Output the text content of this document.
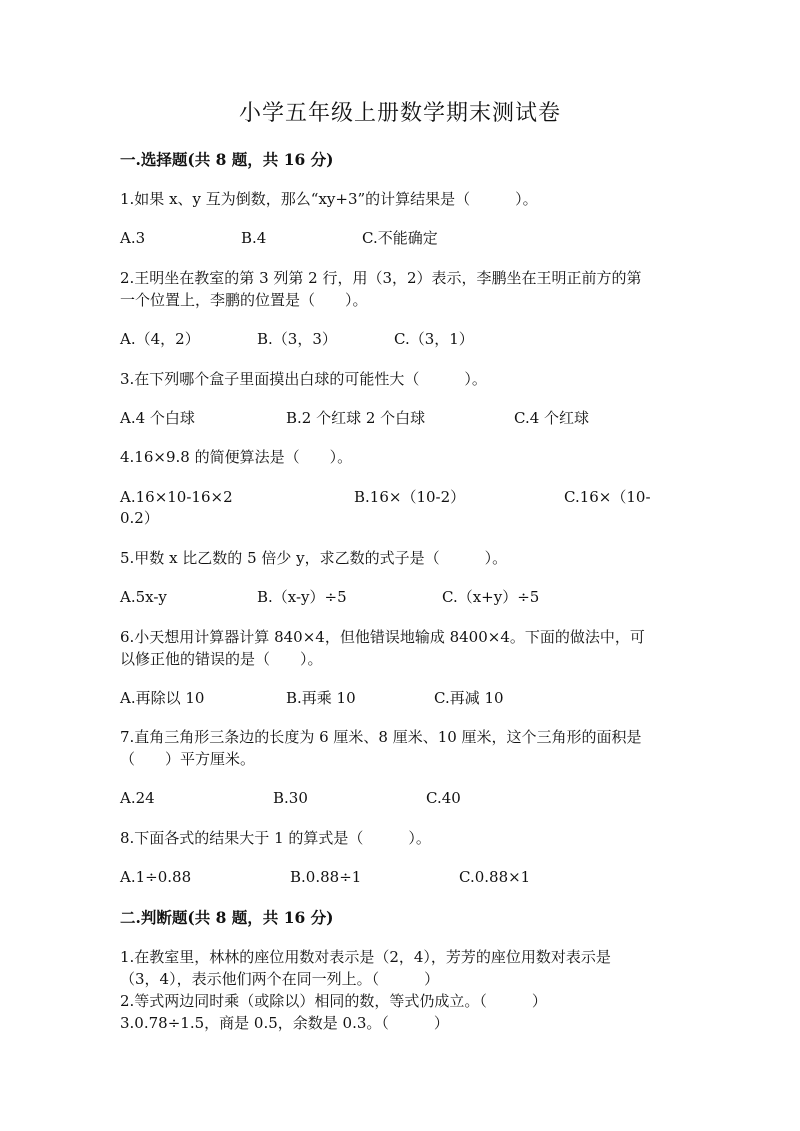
小学五年级上册数学期末测试卷
一.选择题(共 8 题，共 16 分)
1.如果 x、y 互为倒数，那么“xy+3”的计算结果是（　　　）。
A.3	B.4	C.不能确定
2.王明坐在教室的第 3 列第 2 行，用（3，2）表示，李鹏坐在王明正前方的第
一个位置上，李鹏的位置是（　　）。
A.（4，2）	B.（3，3）	C.（3，1）
3.在下列哪个盒子里面摸出白球的可能性大（　　　）。
A.4 个白球	B.2 个红球 2 个白球	C.4 个红球
4.16×9.8 的简便算法是（　　）。
A.16×10-16×2	B.16×（10-2）	C.16×（10-
0.2）
5.甲数 x 比乙数的 5 倍少 y，求乙数的式子是（　　　）。
A.5x-y	B.（x-y）÷5	C.（x+y）÷5
6.小天想用计算器计算 840×4，但他错误地输成 8400×4。下面的做法中，可
以修正他的错误的是（　　）。
A.再除以 10	B.再乘 10	C.再减 10
7.直角三角形三条边的长度为 6 厘米、8 厘米、10 厘米，这个三角形的面积是
（　　）平方厘米。
A.24	B.30	C.40
8.下面各式的结果大于 1 的算式是（　　　）。
A.1÷0.88	B.0.88÷1	C.0.88×1
二.判断题(共 8 题，共 16 分)
1.在教室里，林林的座位用数对表示是（2，4），芳芳的座位用数对表示是
（3，4），表示他们两个在同一列上。（　　　）
2.等式两边同时乘（或除以）相同的数，等式仍成立。（　　　）
3.0.78÷1.5，商是 0.5，余数是 0.3。（　　　）
